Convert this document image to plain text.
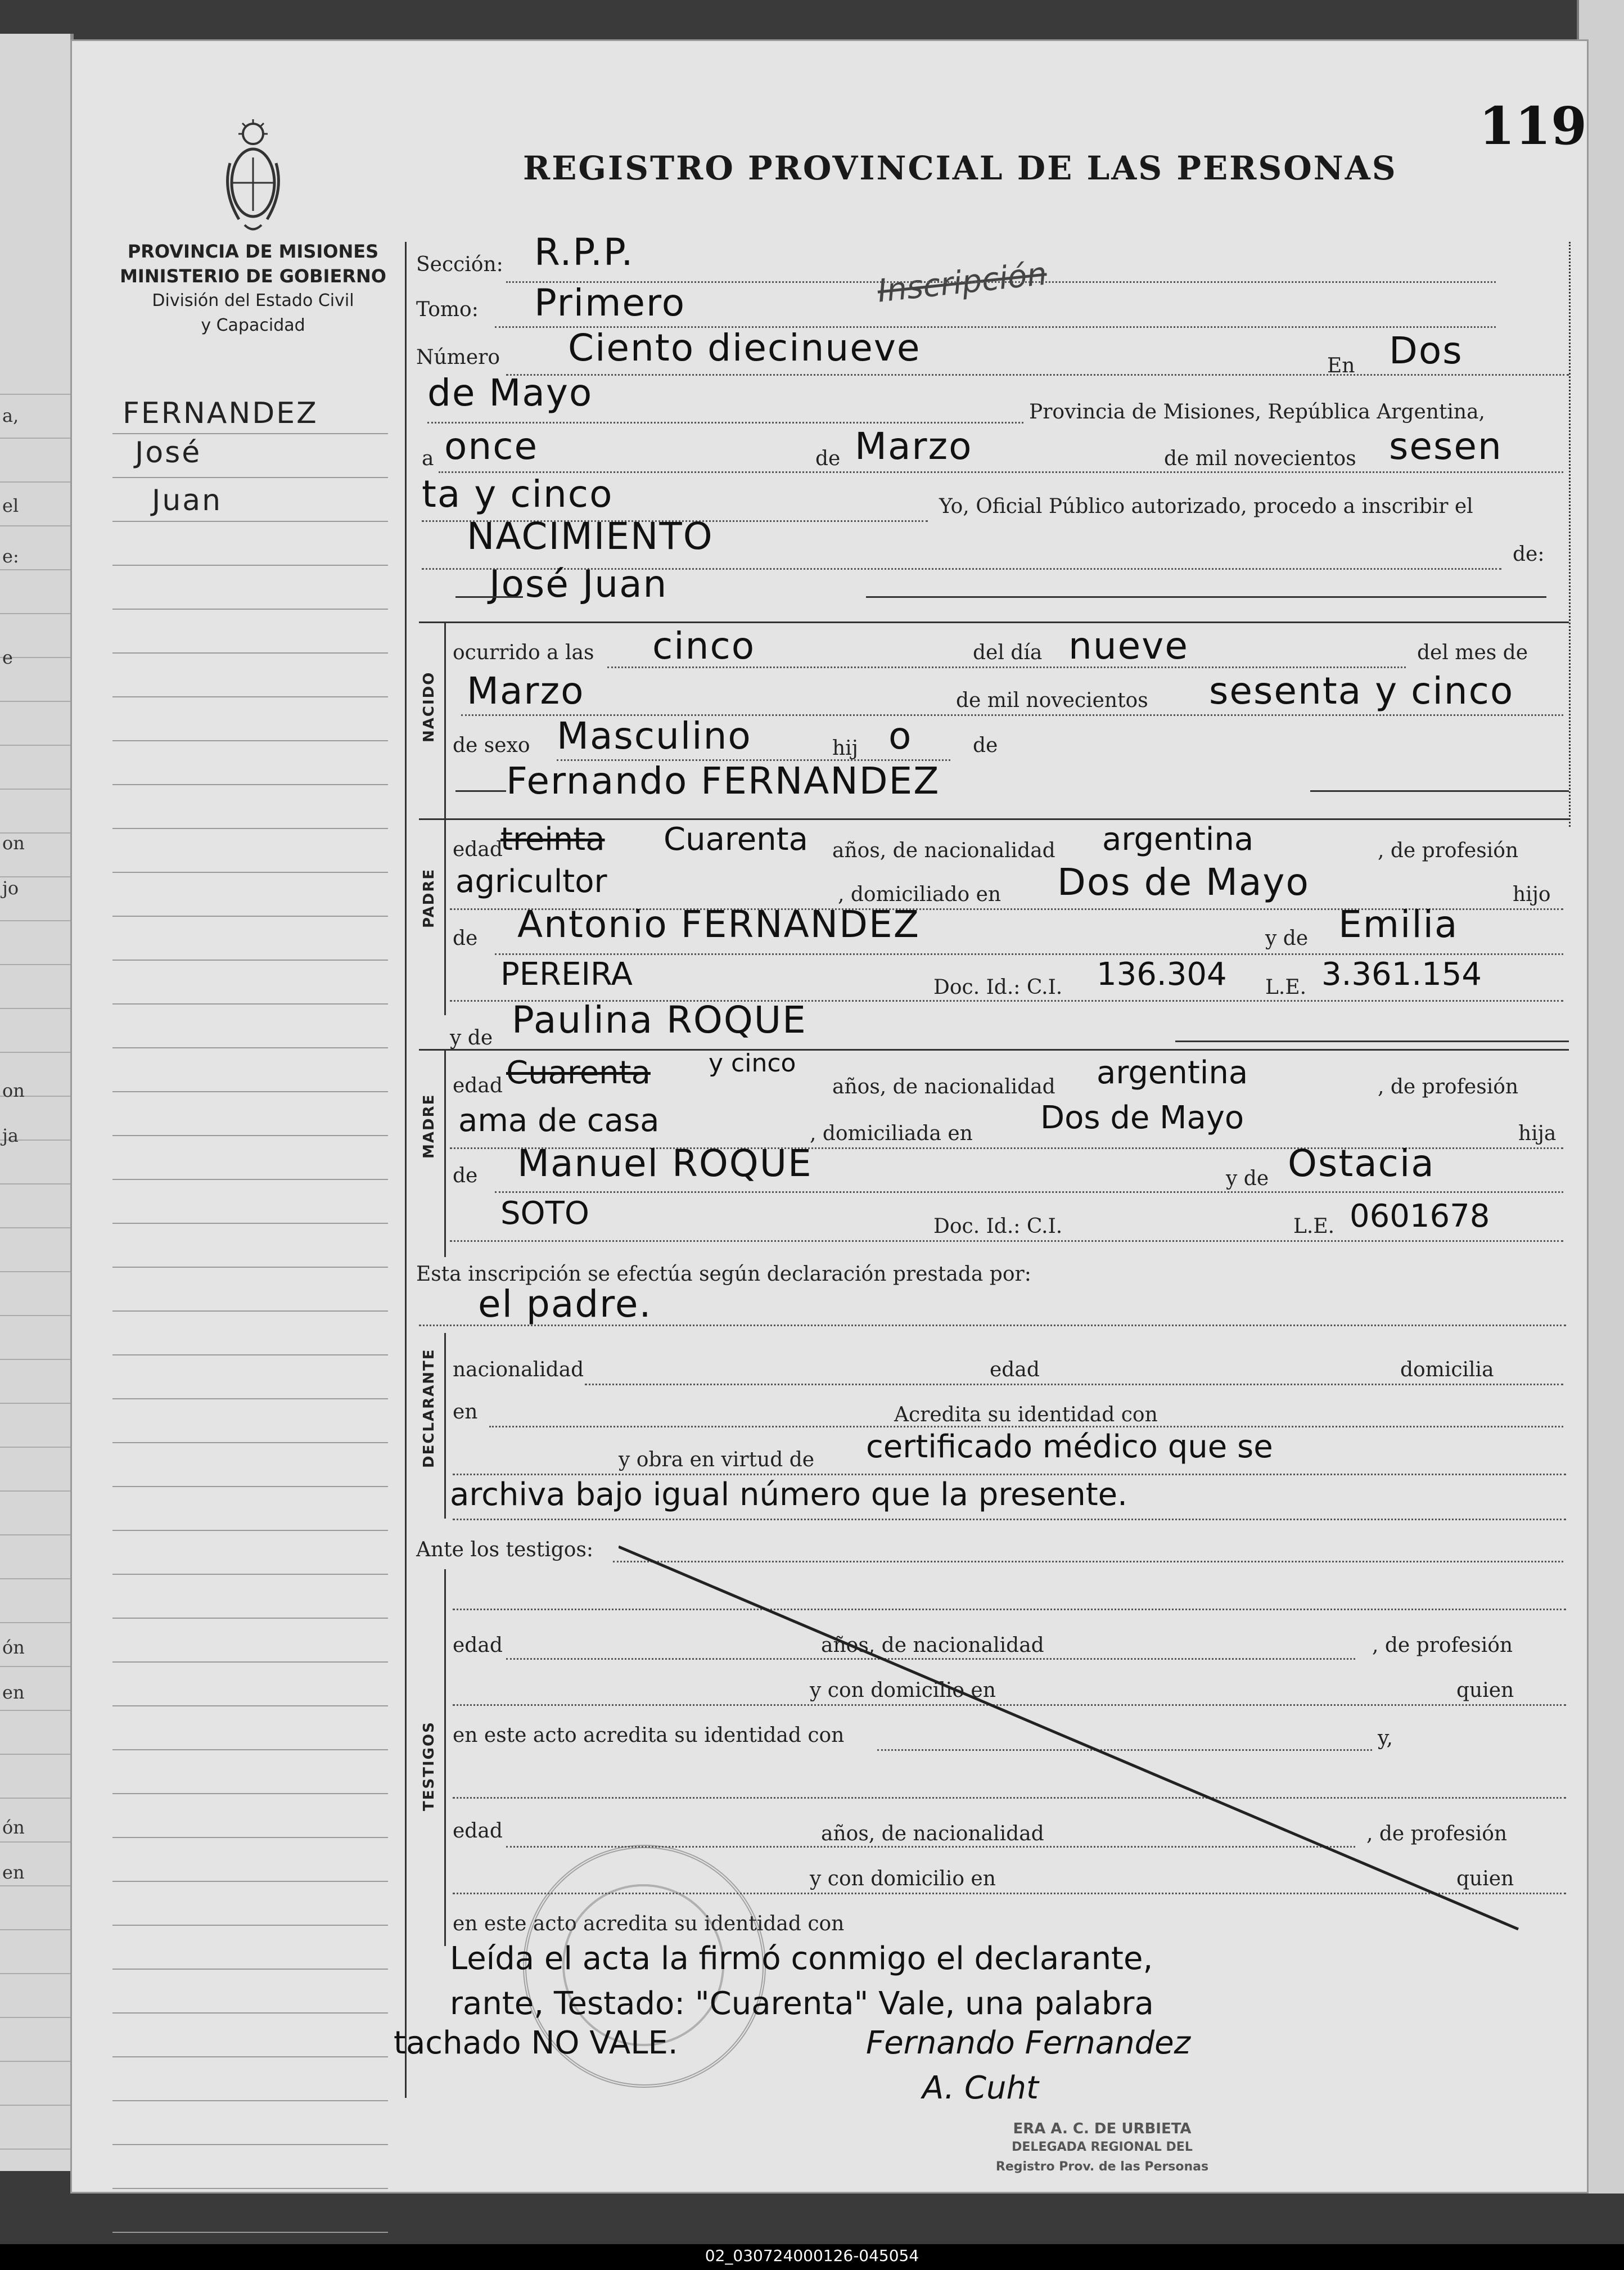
a,
el
e:
e
on
jo
on
ja
ón
en
ón
en
119
REGISTRO PROVINCIAL DE LAS PERSONAS
PROVINCIA DE MISIONES
MINISTERIO DE GOBIERNO
División del Estado Civil
y Capacidad
FERNANDEZ
José
Juan
Sección: R.P.P.
Inscripción
Tomo: Primero
Número Ciento diecinueve	En Dos
de Mayo	Provincia de Misiones, República Argentina,
a once	de Marzo	de mil novecientos sesen
ta y cinco	Yo, Oficial Público autorizado, procedo a inscribir el
NACIMIENTO	de:
José Juan
NACIDO
ocurrido a las cinco	del día nueve	del mes de
Marzo	de mil novecientos sesenta y cinco
de sexo Masculino	hij o	de
Fernando FERNANDEZ
PADRE
edad
treinta Cuarenta años, de nacionalidad argentina	, de profesión
agricultor	, domiciliado en Dos de Mayo	hijo
de Antonio FERNANDEZ	y de Emilia
PEREIRA	Doc. Id.: C.I. 136.304 L.E. 3.361.154
y de Paulina ROQUE
MADRE
edad Cuarenta y cinco
años, de nacionalidad argentina	, de profesión
ama de casa	, domiciliada en Dos de Mayo	hija
de Manuel ROQUE	y de Ostacia
SOTO	Doc. Id.: C.I.	L.E. 0601678
Esta inscripción se efectúa según declaración prestada por:
el padre.
DECLARANTE nacionalidad	edad	domicilia
en	Acredita su identidad con
y obra en virtud de certificado médico que se
archiva bajo igual número que la presente.
Ante los testigos:
TESTIGOS
edad	años, de nacionalidad	, de profesión
y con domicilio en	quien
en este acto acredita su identidad con	y,
edad	años, de nacionalidad	, de profesión
y con domicilio en	quien
en este acto acredita su identidad con
Leída el acta la firmó conmigo el declarante,
rante, Testado: "Cuarenta" Vale, una palabra
tachado NO VALE.	Fernando Fernandez
A. Cuht
ERA A. C. DE URBIETA
DELEGADA REGIONAL DEL
Registro Prov. de las Personas
02_030724000126-045054
